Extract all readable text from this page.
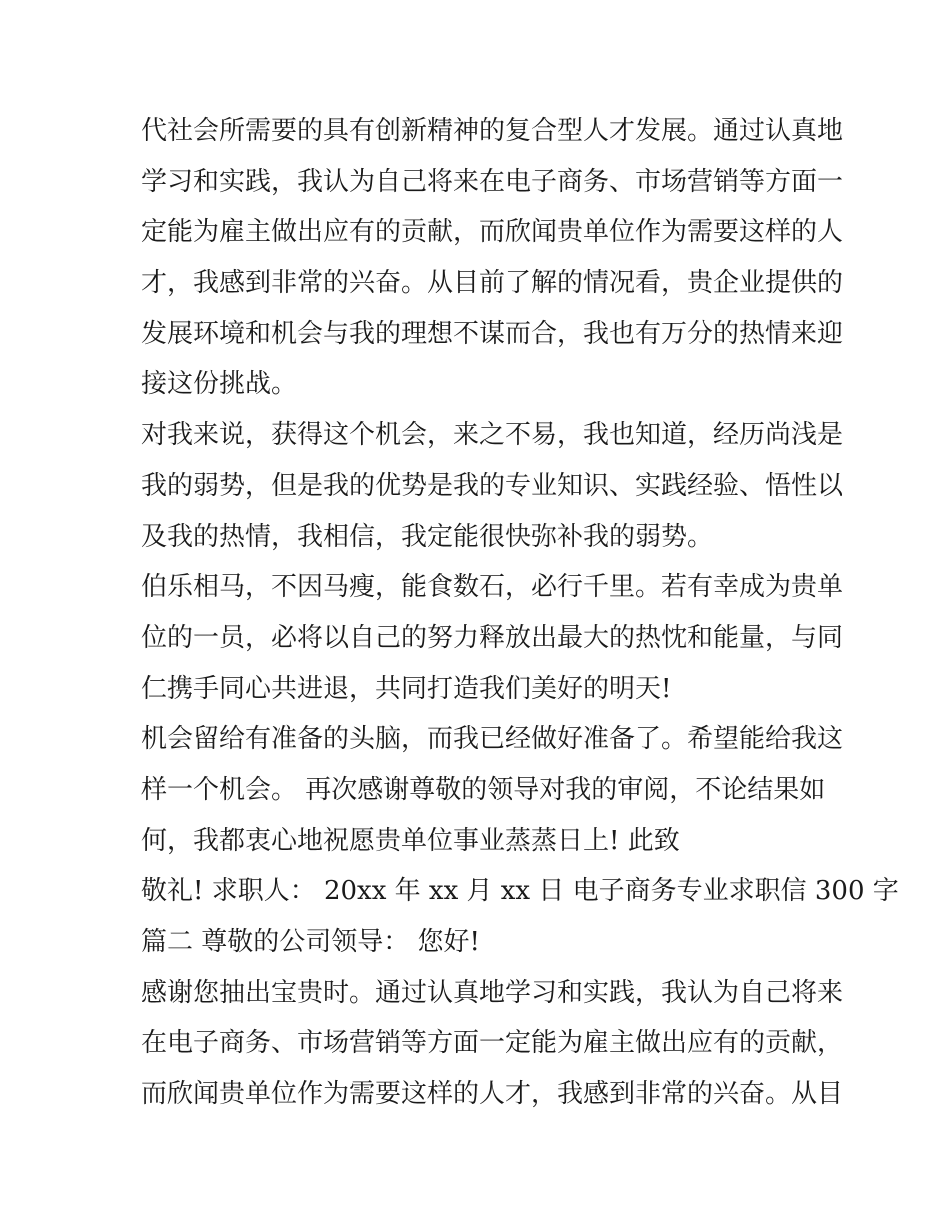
代社会所需要的具有创新精神的复合型人才发展。通过认真地
学习和实践，我认为自己将来在电子商务、市场营销等方面一
定能为雇主做出应有的贡献，而欣闻贵单位作为需要这样的人
才，我感到非常的兴奋。从目前了解的情况看，贵企业提供的
发展环境和机会与我的理想不谋而合，我也有万分的热情来迎
接这份挑战。
对我来说，获得这个机会，来之不易，我也知道，经历尚浅是
我的弱势，但是我的优势是我的专业知识、实践经验、悟性以
及我的热情，我相信，我定能很快弥补我的弱势。
伯乐相马，不因马瘦，能食数石，必行千里。若有幸成为贵单
位的一员，必将以自己的努力释放出最大的热忱和能量，与同
仁携手同心共进退，共同打造我们美好的明天!
机会留给有准备的头脑，而我已经做好准备了。希望能给我这
样一个机会。 再次感谢尊敬的领导对我的审阅，不论结果如
何，我都衷心地祝愿贵单位事业蒸蒸日上! 此致
敬礼! 求职人： 20xx 年 xx 月 xx 日 电子商务专业求职信 300 字
篇二 尊敬的公司领导： 您好!
感谢您抽出宝贵时。通过认真地学习和实践，我认为自己将来
在电子商务、市场营销等方面一定能为雇主做出应有的贡献，
而欣闻贵单位作为需要这样的人才，我感到非常的兴奋。从目
